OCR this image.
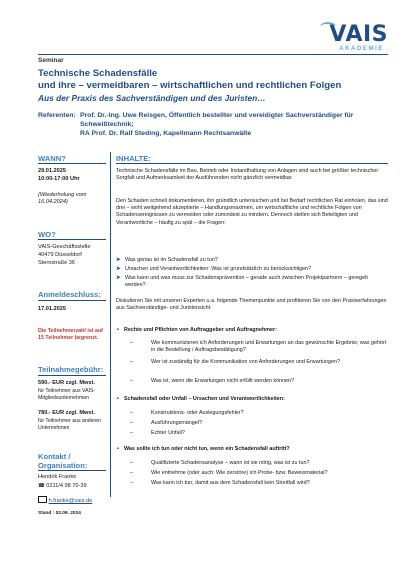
VAIS
AKADEMIE
Seminar
Technische Schadensfälle
und ihre – vermeidbaren – wirtschaftlichen und rechtlichen Folgen
Aus der Praxis des Sachverständigen und des Juristen…
Referenten: Prof. Dr.-Ing. Uwe Reisgen, Öffentlich bestellter und vereidigter Sachverständiger für
Schweißtechnik;
RA Prof. Dr. Ralf Steding, Kapellmann Rechtsanwälte
WANN?
29.01.2025
10:00-17:00 Uhr
(Wiederholung vom 16.04.2024)
WO?
VAIS-Geschäftsstelle
40479 Düsseldorf
Sternstraße 36
Anmeldeschluss:
17.01.2025
Die Teilnehmerzahl ist auf 15 Teilnehmer begrenzt.
Teilnahmegebühr:
590.- EUR zzgl. Mwst.
für Teilnehmer aus VAIS-Mitgliedsunternehmen
780.- EUR zzgl. Mwst.
für Teilnehmer aus anderen Unternehmen
Kontakt / Organisation:
Hendrik Franke
☎ 0211/4 98 70-39
h.franke@vais.de
Stand : 02.09. 2024
INHALTE:
Technische Schadensfälle im Bau, Betrieb oder Instandhaltung von Anlagen sind auch bei größter technischer Sorgfalt und Aufmerksamkeit der Ausführenden nicht gänzlich vermeidbar.
Den Schaden schnell dokumentieren, ihn gründlich untersuchen und bei Bedarf rechtlichen Rat einholen, das sind drei – wohl weitgehend akzeptierte – Handlungsmaximen, um wirtschaftliche und rechtliche Folgen von Schadensereignissen zu vermeiden oder zumindest zu mindern. Dennoch stellen sich Beteiligten und Verantwortliche – häufig zu spät – die Fragen:
➤ Was genau ist im Schadensfall zu tun?
➤ Ursachen und Verantwortlichkeiten: Was ist grundsätzlich zu berücksichtigen?
➤ Was kann und was muss zur Schadensprävention – gerade auch zwischen Projektpartnern – geregelt werden?
Diskutieren Sie mit unseren Experten u.a. folgende Themenpunkte und profitieren Sie von den Praxiserfahrungen aus Sachverständige- und Juristensicht:
• Rechte und Pflichten von Auftraggeber und Auftragnehmer:
–	Wie kommunizieren ich Anforderungen und Erwartungen an das gewünschte Ergebnis; was gehört in die Bestellung / Auftragsbestätigung?
–	Wer ist zuständig für die Kommunikation von Anforderungen und Erwartungen?
–	Was ist, wenn die Erwartungen nicht erfüllt werden können?
• Schadensfall oder Unfall – Ursachen und Verantwortlichkeiten:
–	Konstruktions- oder Auslegungsfehler?
–	Ausführungsmängel?
–	Echter Unfall?
• Was sollte ich tun oder nicht tun, wenn ein Schadensfall auftritt?
–	Qualifizierte Schadensanalyse – wann ist sie nötig, was ist zu tun?
–	Wie entnehme (oder auch: Wie zerstöre) ich Probe- bzw. Beweismaterial?
–	Was kann ich tun, damit aus dem Schadensfall kein Streitfall wird?
